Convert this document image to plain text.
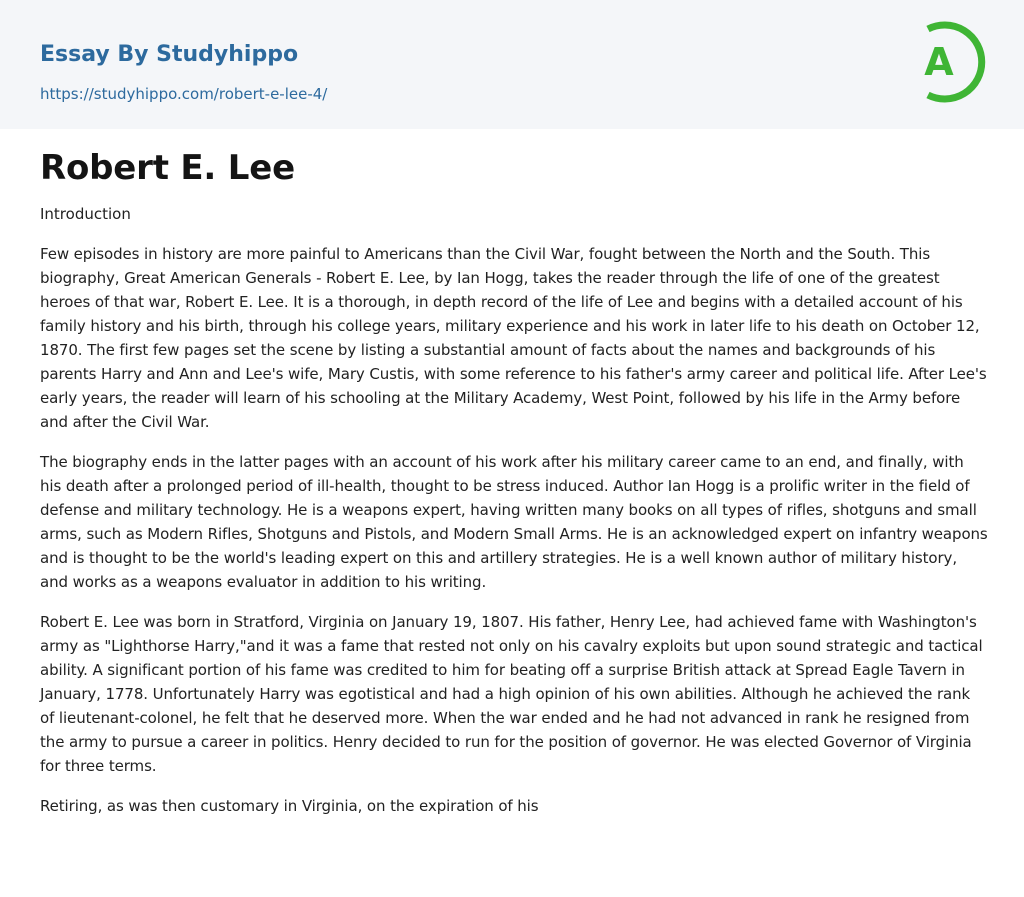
Essay By Studyhippo
https://studyhippo.com/robert-e-lee-4/
A
Robert E. Lee

Introduction

Few episodes in history are more painful to Americans than the Civil War, fought between the North and the South. This biography, Great American Generals - Robert E. Lee, by Ian Hogg, takes the reader through the life of one of the greatest heroes of that war, Robert E. Lee. It is a thorough, in depth record of the life of Lee and begins with a detailed account of his family history and his birth, through his college years, military experience and his work in later life to his death on October 12, 1870. The first few pages set the scene by listing a substantial amount of facts about the names and backgrounds of his parents Harry and Ann and Lee's wife, Mary Custis, with some reference to his father's army career and political life. After Lee's early years, the reader will learn of his schooling at the Military Academy, West Point, followed by his life in the Army before and after the Civil War.

The biography ends in the latter pages with an account of his work after his military career came to an end, and finally, with his death after a prolonged period of ill-health, thought to be stress induced. Author Ian Hogg is a prolific writer in the field of defense and military technology. He is a weapons expert, having written many books on all types of rifles, shotguns and small arms, such as Modern Rifles, Shotguns and Pistols, and Modern Small Arms. He is an acknowledged expert on infantry weapons and is thought to be the world's leading expert on this and artillery strategies. He is a well known author of military history, and works as a weapons evaluator in addition to his writing.

Robert E. Lee was born in Stratford, Virginia on January 19, 1807. His father, Henry Lee, had achieved fame with Washington's army as "Lighthorse Harry,"and it was a fame that rested not only on his cavalry exploits but upon sound strategic and tactical ability. A significant portion of his fame was credited to him for beating off a surprise British attack at Spread Eagle Tavern in January, 1778. Unfortunately Harry was egotistical and had a high opinion of his own abilities. Although he achieved the rank of lieutenant-colonel, he felt that he deserved more. When the war ended and he had not advanced in rank he resigned from the army to pursue a career in politics. Henry decided to run for the position of governor. He was elected Governor of Virginia for three terms.

Retiring, as was then customary in Virginia, on the expiration of his
